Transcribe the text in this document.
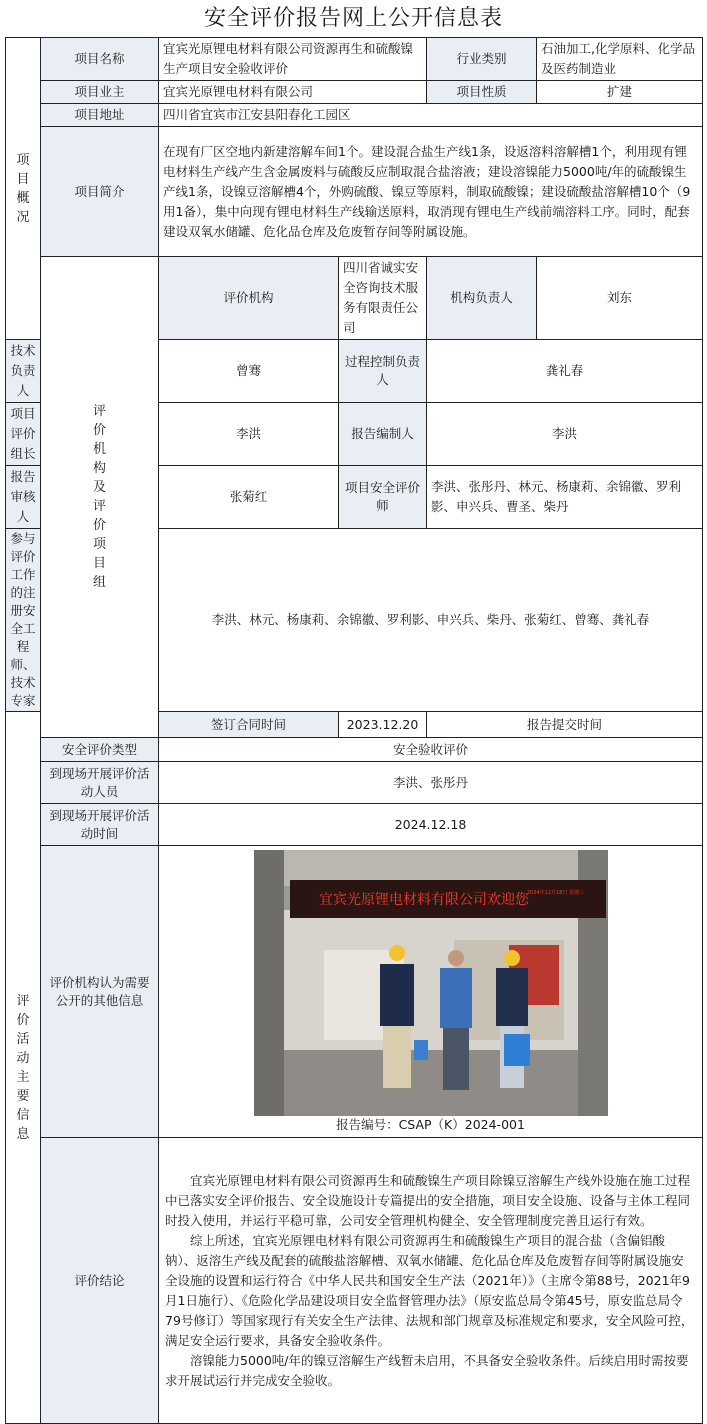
安全评价报告网上公开信息表
项目概况	项目名称	宜宾光原锂电材料有限公司资源再生和硫酸镍生产项目安全验收评价		行业类别	石油加工,化学原料、化学品及医药制造业	
	项目业主	宜宾光原锂电材料有限公司		项目性质	扩建	
	项目地址	四川省宜宾市江安县阳春化工园区				
	项目简介	在现有厂区空地内新建溶解车间1个。建设混合盐生产线1条，设返溶料溶解槽1个，利用现有锂电材料生产线产生含金属废料与硫酸反应制取混合盐溶液；建设溶镍能力5000吨/年的硫酸镍生产线1条，设镍豆溶解槽4个，外购硫酸、镍豆等原料，制取硫酸镍；建设硫酸盐溶解槽10个（9用1备），集中向现有锂电材料生产线输送原料，取消现有锂电生产线前端溶料工序。同时，配套建设双氧水储罐、危化品仓库及危废暂存间等附属设施。				

	评价机构及评价项目组	评价机构	四川省诚实安全咨询技术服务有限责任公司	机构负责人	刘东	
技术负责人		曾骞	过程控制负责人	龚礼春		
项目评价组长		李洪	报告编制人	李洪		
报告审核人		张菊红	项目安全评价师	李洪、张彤丹、林元、杨康莉、余锦徽、罗利影、申兴兵、曹圣、柴丹		
参与评价工作的注册安全工程师、技术专家		李洪、林元、杨康莉、余锦徽、罗利影、申兴兵、柴丹、张菊红、曾骞、龚礼春				

评价活动主要信息		签订合同时间	2023.12.20	报告提交时间	
	安全评价类型	安全验收评价				
	到现场开展评价活动人员	李洪、张彤丹				
	到现场开展评价活动时间	2024.12.18				
	评价机构认为需要公开的其他信息	宜宾光原锂电材料有限公司欢迎您
2024年12月18日 星期三
报告编号：CSAP（K）2024-001				

	评价结论	宜宾光原锂电材料有限公司资源再生和硫酸镍生产项目除镍豆溶解生产线外设施在施工过程中已落实安全评价报告、安全设施设计专篇提出的安全措施，项目安全设施、设备与主体工程同时投入使用，并运行平稳可靠，公司安全管理机构健全、安全管理制度完善且运行有效。

综上所述，宜宾光原锂电材料有限公司资源再生和硫酸镍生产项目的混合盐（含偏铝酸钠）、返溶生产线及配套的硫酸盐溶解槽、双氧水储罐、危化品仓库及危废暂存间等附属设施安全设施的设置和运行符合《中华人民共和国安全生产法（2021年）》（主席令第88号，2021年9月1日施行）、《危险化学品建设项目安全监督管理办法》（原安监总局令第45号，原安监总局令79号修订）等国家现行有关安全生产法律、法规和部门规章及标准规定和要求，安全风险可控，满足安全运行要求，具备安全验收条件。

溶镍能力5000吨/年的镍豆溶解生产线暂未启用，不具备安全验收条件。后续启用时需按要求开展试运行并完成安全验收。				
